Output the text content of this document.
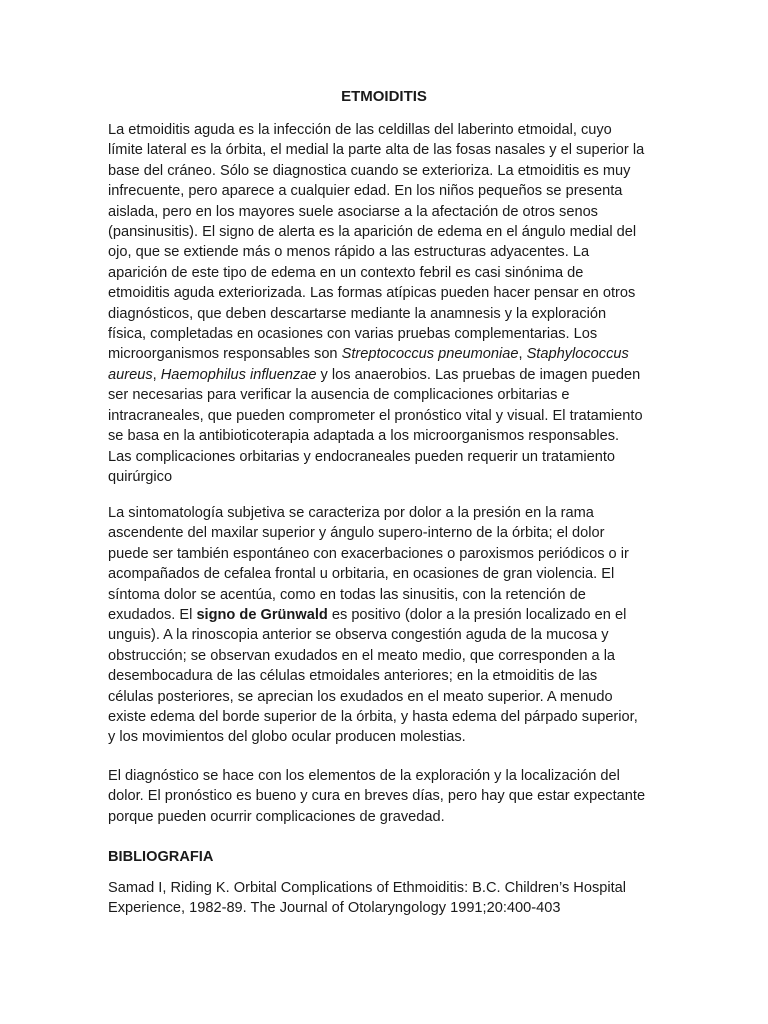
ETMOIDITIS

La etmoiditis aguda es la infección de las celdillas del laberinto etmoidal, cuyo
límite lateral es la órbita, el medial la parte alta de las fosas nasales y el superior la
base del cráneo. Sólo se diagnostica cuando se exterioriza. La etmoiditis es muy
infrecuente, pero aparece a cualquier edad. En los niños pequeños se presenta
aislada, pero en los mayores suele asociarse a la afectación de otros senos
(pansinusitis). El signo de alerta es la aparición de edema en el ángulo medial del
ojo, que se extiende más o menos rápido a las estructuras adyacentes. La
aparición de este tipo de edema en un contexto febril es casi sinónima de
etmoiditis aguda exteriorizada. Las formas atípicas pueden hacer pensar en otros
diagnósticos, que deben descartarse mediante la anamnesis y la exploración
física, completadas en ocasiones con varias pruebas complementarias. Los
microorganismos responsables son Streptococcus pneumoniae, Staphylococcus
aureus, Haemophilus influenzae y los anaerobios. Las pruebas de imagen pueden
ser necesarias para verificar la ausencia de complicaciones orbitarias e
intracraneales, que pueden comprometer el pronóstico vital y visual. El tratamiento
se basa en la antibioticoterapia adaptada a los microorganismos responsables.
Las complicaciones orbitarias y endocraneales pueden requerir un tratamiento
quirúrgico

La sintomatología subjetiva se caracteriza por dolor a la presión en la rama
ascendente del maxilar superior y ángulo supero-interno de la órbita; el dolor
puede ser también espontáneo con exacerbaciones o paroxismos periódicos o ir
acompañados de cefalea frontal u orbitaria, en ocasiones de gran violencia. El
síntoma dolor se acentúa, como en todas las sinusitis, con la retención de
exudados. El signo de Grünwald es positivo (dolor a la presión localizado en el
unguis). A la rinoscopia anterior se observa congestión aguda de la mucosa y
obstrucción; se observan exudados en el meato medio, que corresponden a la
desembocadura de las células etmoidales anteriores; en la etmoiditis de las
células posteriores, se aprecian los exudados en el meato superior. A menudo
existe edema del borde superior de la órbita, y hasta edema del párpado superior,
y los movimientos del globo ocular producen molestias.

El diagnóstico se hace con los elementos de la exploración y la localización del
dolor. El pronóstico es bueno y cura en breves días, pero hay que estar expectante
porque pueden ocurrir complicaciones de gravedad.

BIBLIOGRAFIA

Samad I, Riding K. Orbital Complications of Ethmoiditis: B.C. Children’s Hospital
Experience, 1982-89. The Journal of Otolaryngology 1991;20:400-403
